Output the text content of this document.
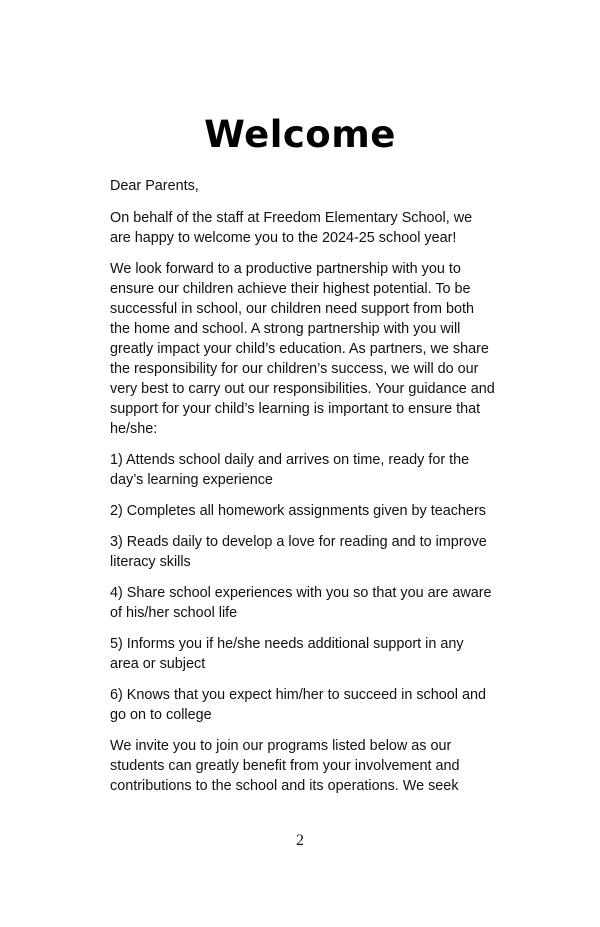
Welcome

Dear Parents,

On behalf of the staff at Freedom Elementary School, we are happy to welcome you to the 2024-25 school year!

We look forward to a productive partnership with you to ensure our children achieve their highest potential. To be successful in school, our children need support from both the home and school. A strong partnership with you will greatly impact your child’s education. As partners, we share the responsibility for our children’s success, we will do our very best to carry out our responsibilities. Your guidance and support for your child’s learning is important to ensure that he/she:

1) Attends school daily and arrives on time, ready for the day’s learning experience

2) Completes all homework assignments given by teachers

3) Reads daily to develop a love for reading and to improve literacy skills

4) Share school experiences with you so that you are aware of his/her school life

5) Informs you if he/she needs additional support in any area or subject

6) Knows that you expect him/her to succeed in school and go on to college

We invite you to join our programs listed below as our students can greatly benefit from your involvement and contributions to the school and its operations. We seek

2
